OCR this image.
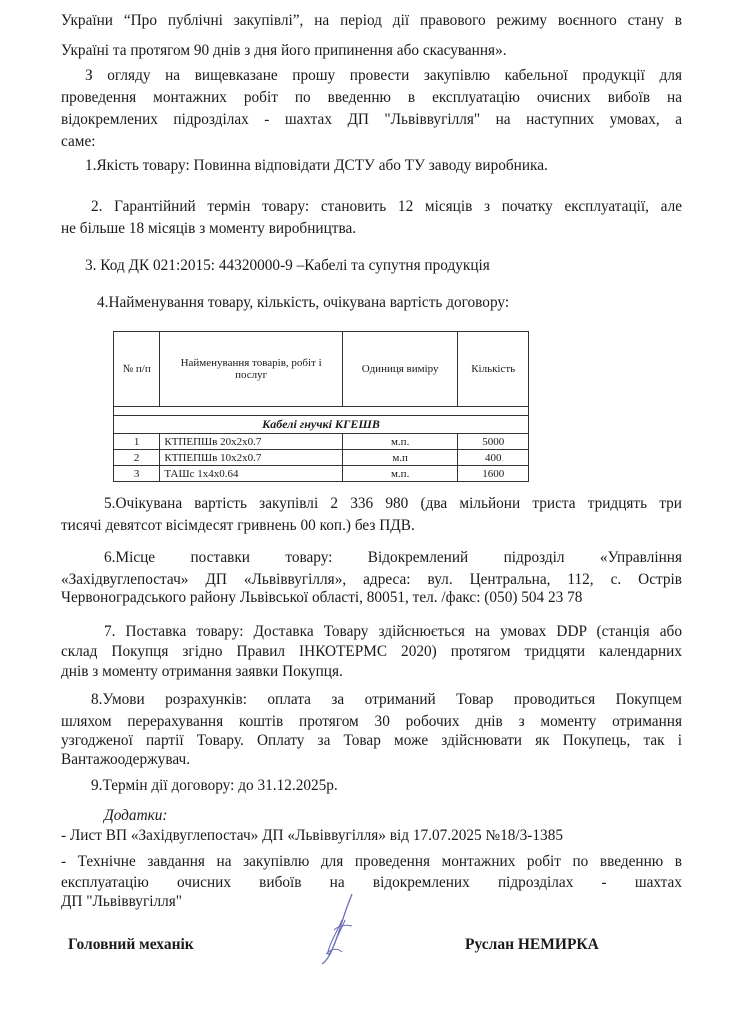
України “Про публічні закупівлі”, на період дії правового режиму воєнного стану в
Україні та протягом 90 днів з дня його припинення або скасування».
З огляду на вищевказане прошу провести закупівлю кабельної продукції для
проведення монтажних робіт по введенню в експлуатацію очисних вибоїв на
відокремлених підрозділах - шахтах ДП "Львіввугілля" на наступних умовах, а
саме:
1.Якість товару: Повинна відповідати ДСТУ або ТУ заводу виробника.
2. Гарантійний термін товару: становить 12 місяців з початку експлуатації, але
не більше 18 місяців з моменту виробництва.
3. Код ДК 021:2015: 44320000-9 –Кабелі та супутня продукція
4.Найменування товару, кількість, очікувана вартість договору:
№ п/п	Найменування товарів, робіт і послуг	Одиниця виміру	Кількість

Кабелі гнучкі КГЕШВ			
1	КТПЕПШв 20х2х0.7	м.п.	5000
2	КТПЕПШв 10х2х0.7	м.п	400
3	ТАШс 1х4х0.64	м.п.	1600
5.Очікувана вартість закупівлі 2 336 980 (два мільйони триста тридцять три
тисячі девятсот вісімдесят гривнень 00 коп.) без ПДВ.
6.Місце поставки товару: Відокремлений підрозділ «Управління
«Західвуглепостач» ДП «Львіввугілля», адреса: вул. Центральна, 112, с. Острів
Червоноградського району Львівської області, 80051, тел. /факс: (050) 504 23 78
7. Поставка товару: Доставка Товару здійснюється на умовах DDP (станція або
склад Покупця згідно Правил ІНКОТЕРМС 2020) протягом тридцяти календарних
днів з моменту отримання заявки Покупця.
8.Умови розрахунків: оплата за отриманий Товар проводиться Покупцем
шляхом перерахування коштів протягом 30 робочих днів з моменту отримання
узгодженої партії Товару. Оплату за Товар може здійснювати як Покупець, так і
Вантажоодержувач.
9.Термін дії договору: до 31.12.2025р.
Додатки:
- Лист ВП «Західвуглепостач» ДП «Львіввугілля» від 17.07.2025 №18/3-1385
- Технічне завдання на закупівлю для проведення монтажних робіт по введенню в
експлуатацію очисних вибоїв на відокремлених підрозділах - шахтах
ДП "Львіввугілля"
Головний механік	Руслан НЕМИРКА
